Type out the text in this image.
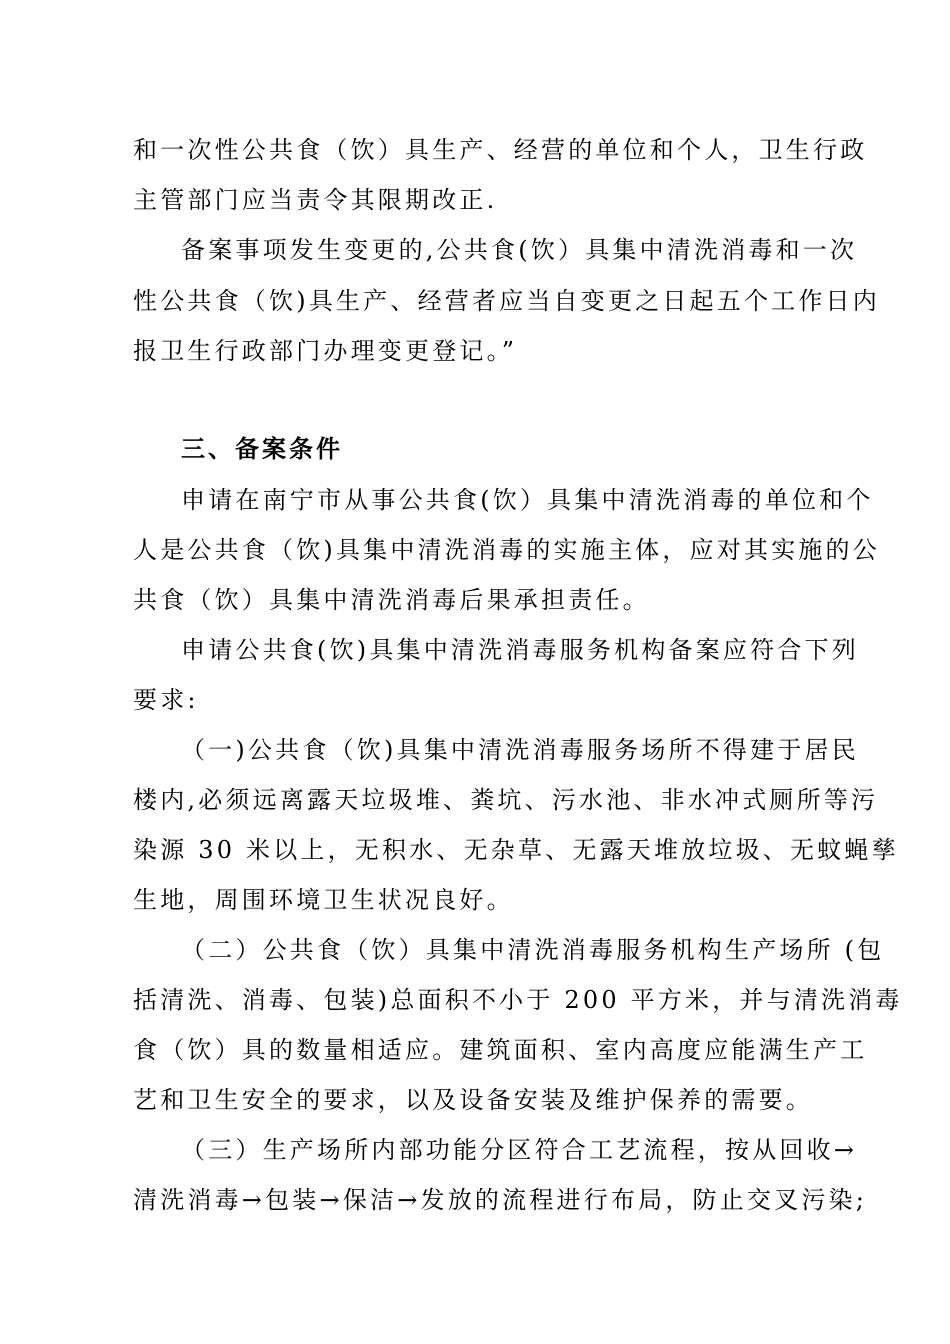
和一次性公共食（饮）具生产、经营的单位和个人，卫生行政
主管部门应当责令其限期改正.
备案事项发生变更的,公共食(饮）具集中清洗消毒和一次
性公共食（饮)具生产、经营者应当自变更之日起五个工作日内
报卫生行政部门办理变更登记。”
三、备案条件
申请在南宁市从事公共食(饮）具集中清洗消毒的单位和个
人是公共食（饮)具集中清洗消毒的实施主体，应对其实施的公
共食（饮）具集中清洗消毒后果承担责任。
申请公共食(饮)具集中清洗消毒服务机构备案应符合下列
要求:
（一)公共食（饮)具集中清洗消毒服务场所不得建于居民
楼内,必须远离露天垃圾堆、粪坑、污水池、非水冲式厕所等污
染源 30 米以上，无积水、无杂草、无露天堆放垃圾、无蚊蝇孳
生地，周围环境卫生状况良好。
（二）公共食（饮）具集中清洗消毒服务机构生产场所 (包
括清洗、消毒、包装)总面积不小于 200 平方米，并与清洗消毒
食（饮）具的数量相适应。建筑面积、室内高度应能满生产工
艺和卫生安全的要求，以及设备安装及维护保养的需要。
（三）生产场所内部功能分区符合工艺流程，按从回收→
清洗消毒→包装→保洁→发放的流程进行布局，防止交叉污染;
